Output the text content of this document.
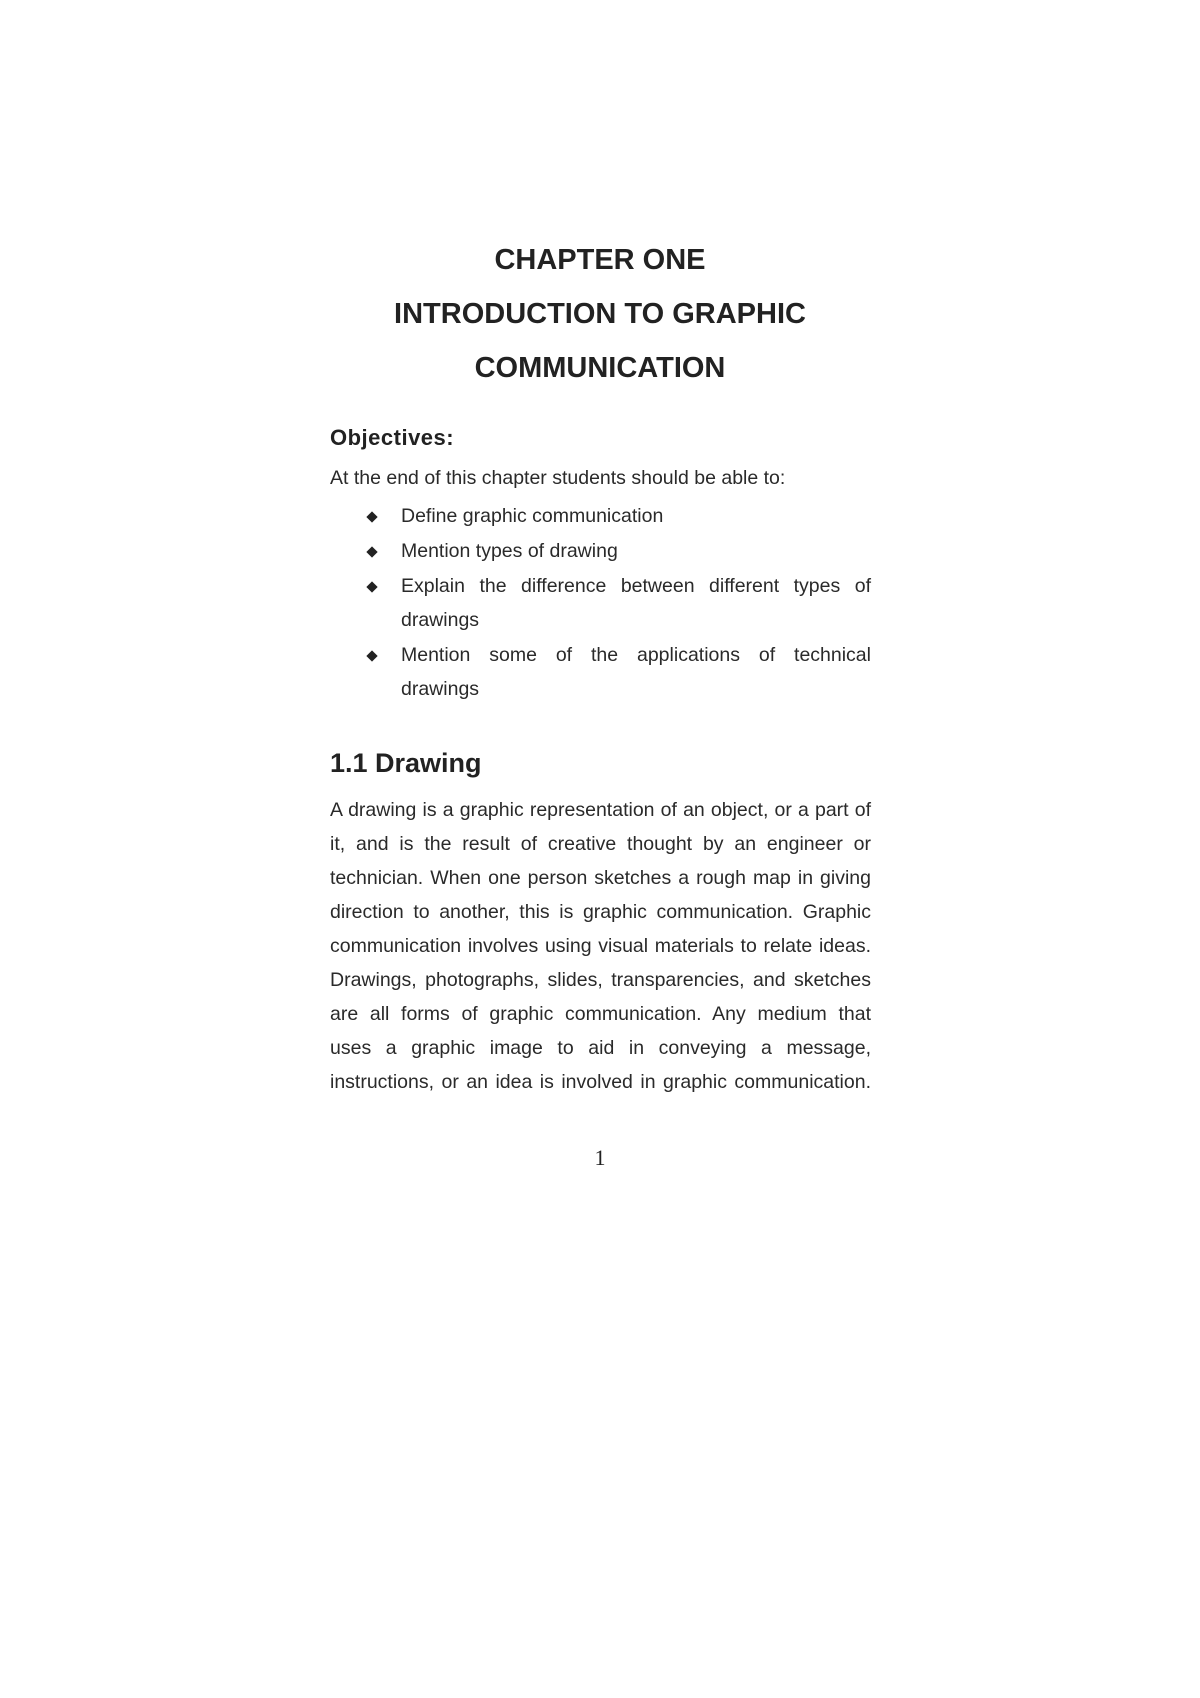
CHAPTER ONE
INTRODUCTION TO GRAPHIC
COMMUNICATION
Objectives:
At the end of this chapter students should be able to:
Define graphic communication
Mention types of drawing
Explain the difference between different types of
drawings
Mention some of the applications of technical
drawings
1.1 Drawing
A drawing is a graphic representation of an object, or a part of
it, and is the result of creative thought by an engineer or
technician. When one person sketches a rough map in giving
direction to another, this is graphic communication. Graphic
communication involves using visual materials to relate ideas.
Drawings, photographs, slides, transparencies, and sketches
are all forms of graphic communication. Any medium that
uses a graphic image to aid in conveying a message,
instructions, or an idea is involved in graphic communication.
1
